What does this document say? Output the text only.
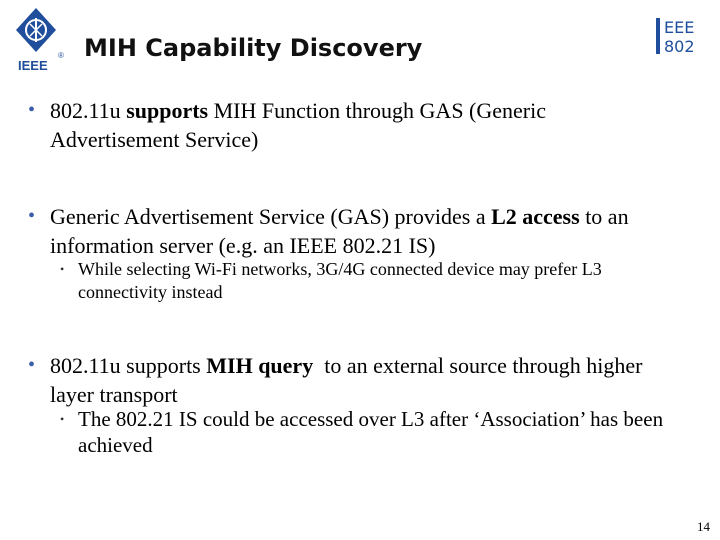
®
IEEE
MIH Capability Discovery
EEE
802
• 802.11u supports MIH Function through GAS (Generic Advertisement Service)
• Generic Advertisement Service (GAS) provides a L2 access to an information server (e.g. an IEEE 802.21 IS)
• While selecting Wi-Fi networks, 3G/4G connected device may prefer L3 connectivity instead
• 802.11u supports MIH query  to an external source through higher layer transport
• The 802.21 IS could be accessed over L3 after ‘Association’ has been achieved
14
